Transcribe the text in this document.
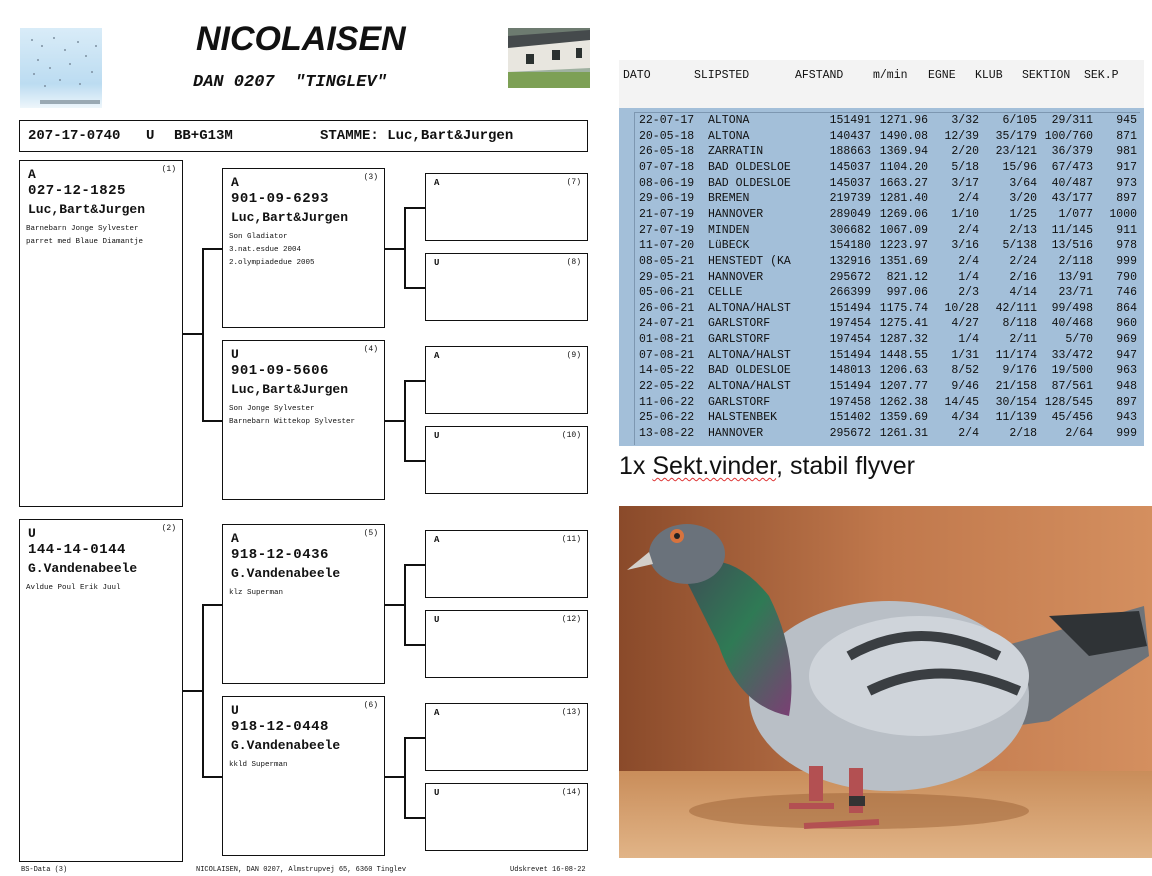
NICOLAISEN
DAN 0207  "TINGLEV"
207-17-0740 U BB+G13M	STAMME: Luc,Bart&Jurgen
A	(1)
027-12-1825
Luc,Bart&Jurgen
Barnebarn Jonge Sylvester
parret med Blaue Diamantje
U	(2)
144-14-0144
G.Vandenabeele
Avldue Poul Erik Juul
A	(3)
901-09-6293
Luc,Bart&Jurgen
Son Gladiator
3.nat.esdue 2004
2.olympiadedue 2005
U	(4)
901-09-5606
Luc,Bart&Jurgen
Son Jonge Sylvester
Barnebarn Wittekop Sylvester
A	(5)
918-12-0436
G.Vandenabeele
klz Superman
U	(6)
918-12-0448
G.Vandenabeele
kkld Superman
A	(7)
U	(8)
A	(9)
U	(10)
A	(11)
U	(12)
A	(13)
U	(14)
BS-Data (3)	NICOLAISEN, DAN 0207, Almstrupvej 65, 6360 Tinglev	Udskrevet 16-08-22
DATO	SLIPSTED	AFSTAND	m/min EGNE KLUB SEKTION SEK.P
22-07-17 ALTONA	151491 1271.96 3/32 6/105 29/311 945
20-05-18 ALTONA	140437 1490.08 12/39 35/179 100/760 871
26-05-18 ZARRATIN	188663 1369.94 2/20 23/121 36/379 981
07-07-18 BAD OLDESLOE	145037 1104.20 5/18 15/96 67/473 917
08-06-19 BAD OLDESLOE	145037 1663.27 3/17	3/64 40/487 973
29-06-19 BREMEN	219739 1281.40	2/4	3/20 43/177 897
21-07-19 HANNOVER	289049 1269.06 1/10	1/25 1/077 1000
27-07-19 MINDEN	306682 1067.09	2/4	2/13 11/145 911
11-07-20 LüBECK	154180 1223.97 3/16 5/138 13/516 978
08-05-21 HENSTEDT (KA	132916 1351.69	2/4	2/24 2/118 999
29-05-21 HANNOVER	295672 821.12	1/4	2/16 13/91 790
05-06-21 CELLE	266399 997.06	2/3	4/14 23/71 746
26-06-21 ALTONA/HALST	151494 1175.74 10/28 42/111 99/498 864
24-07-21 GARLSTORF	197454 1275.41 4/27 8/118 40/468 960
01-08-21 GARLSTORF	197454 1287.32	1/4	2/11 5/70 969
07-08-21 ALTONA/HALST	151494 1448.55 1/31 11/174 33/472 947
14-05-22 BAD OLDESLOE	148013 1206.63 8/52 9/176 19/500 963
22-05-22 ALTONA/HALST	151494 1207.77 9/46 21/158 87/561 948
11-06-22 GARLSTORF	197458 1262.38 14/45 30/154 128/545 897
25-06-22 HALSTENBEK	151402 1359.69 4/34 11/139 45/456 943
13-08-22 HANNOVER	295672 1261.31	2/4	2/18 2/64 999
1x Sekt.vinder, stabil flyver
